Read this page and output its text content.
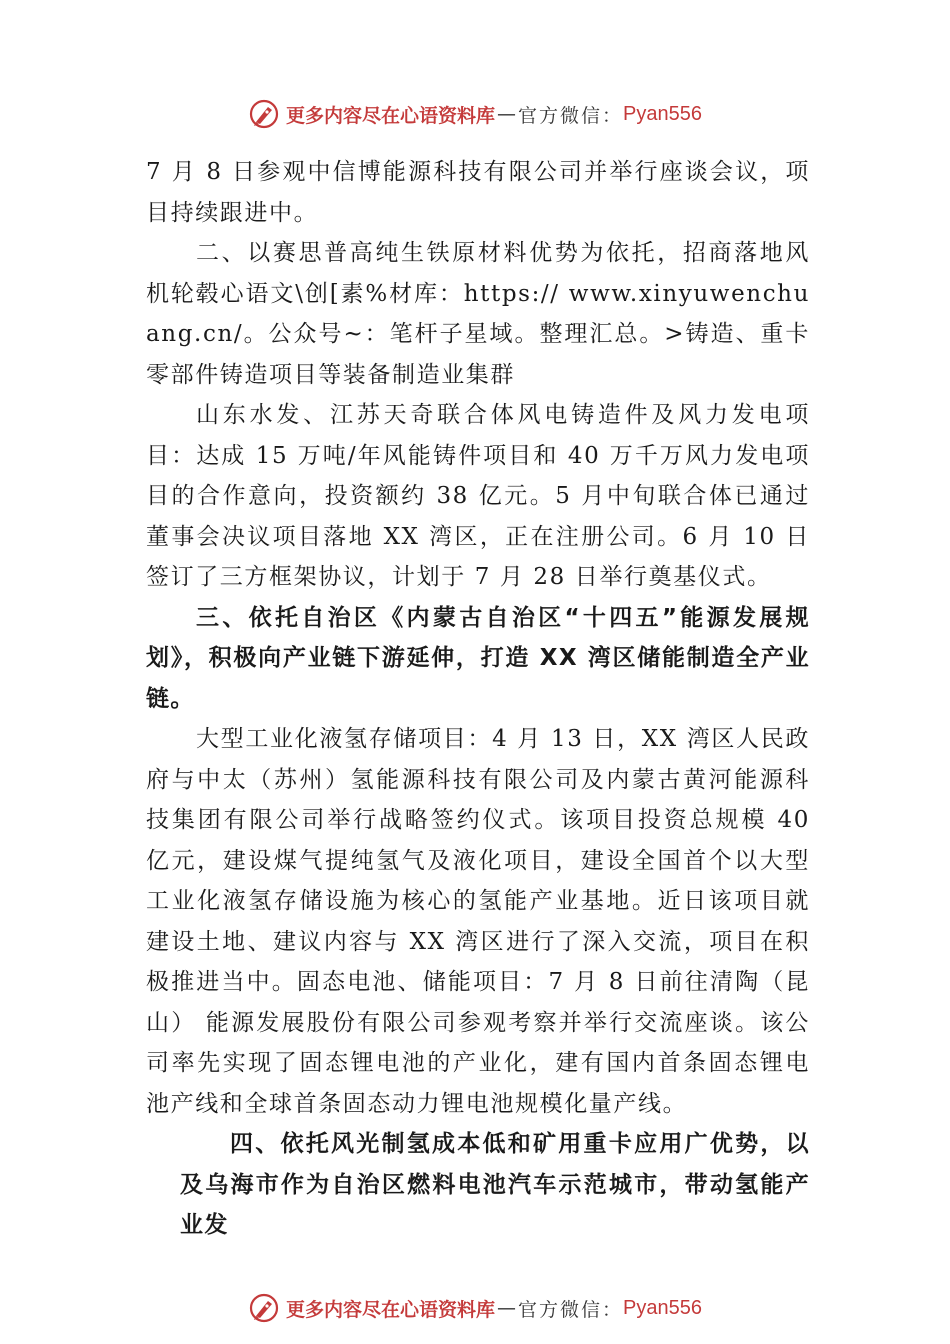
更多内容尽在心语资料库 — 官方微信： Pyan556

7 月 8 日参观中信博能源科技有限公司并举行座谈会议，项目持续跟进中。

二、以赛思普高纯生铁原材料优势为依托，招商落地风机轮毂心语文\创[素%材库：https:// www.xinyuwenchuang.cn/。公众号~：笔杆子星域。整理汇总。>铸造、重卡零部件铸造项目等装备制造业集群

山东水发、江苏天奇联合体风电铸造件及风力发电项目：达成 15 万吨/年风能铸件项目和 40 万千万风力发电项目的合作意向，投资额约 38 亿元。5 月中旬联合体已通过董事会决议项目落地 XX 湾区，正在注册公司。6 月 10 日签订了三方框架协议，计划于 7 月 28 日举行奠基仪式。

三、依托自治区《内蒙古自治区“十四五”能源发展规划》，积极向产业链下游延伸，打造 XX 湾区储能制造全产业链。

大型工业化液氢存储项目：4 月 13 日，XX 湾区人民政府与中太（苏州）氢能源科技有限公司及内蒙古黄河能源科技集团有限公司举行战略签约仪式。该项目投资总规模 40 亿元，建设煤气提纯氢气及液化项目，建设全国首个以大型工业化液氢存储设施为核心的氢能产业基地。近日该项目就建设土地、建议内容与 XX 湾区进行了深入交流，项目在积极推进当中。固态电池、储能项目：7 月 8 日前往清陶（昆山） 能源发展股份有限公司参观考察并举行交流座谈。该公司率先实现了固态锂电池的产业化，建有国内首条固态锂电池产线和全球首条固态动力锂电池规模化量产线。

四、依托风光制氢成本低和矿用重卡应用广优势，以及乌海市作为自治区燃料电池汽车示范城市，带动氢能产业发

更多内容尽在心语资料库 — 官方微信： Pyan556
